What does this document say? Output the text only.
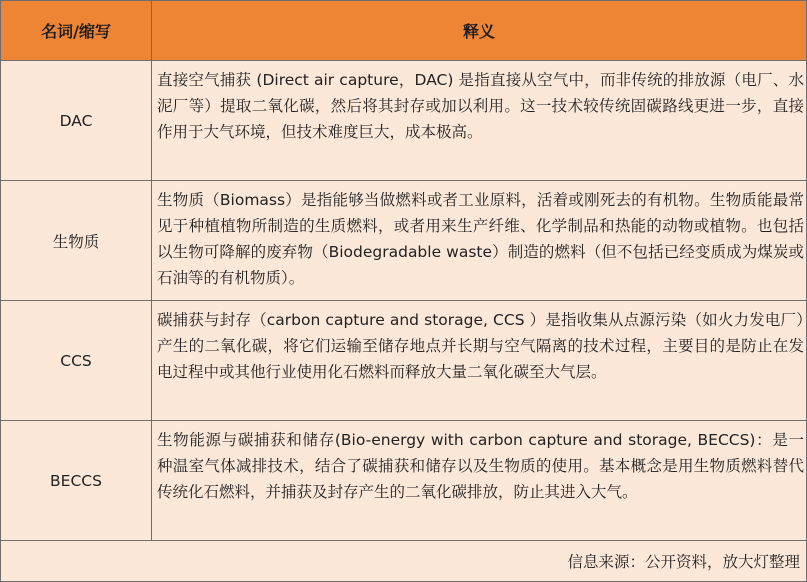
名词/缩写	释义
DAC	直接空气捕获 (Direct air capture，DAC) 是指直接从空气中，而非传统的排放源（电厂、水泥厂等）提取二氧化碳，然后将其封存或加以利用。这一技术较传统固碳路线更进一步，直接作用于大气环境，但技术难度巨大，成本极高。
生物质	生物质（Biomass）是指能够当做燃料或者工业原料，活着或刚死去的有机物。生物质能最常见于种植植物所制造的生质燃料，或者用来生产纤维、化学制品和热能的动物或植物。也包括以生物可降解的废弃物（Biodegradable waste）制造的燃料（但不包括已经变质成为煤炭或石油等的有机物质）。
CCS	碳捕获与封存（carbon capture and storage, CCS ）是指收集从点源污染（如火力发电厂）产生的二氧化碳，将它们运输至储存地点并长期与空气隔离的技术过程，主要目的是防止在发电过程中或其他行业使用化石燃料而释放大量二氧化碳至大气层。
BECCS	生物能源与碳捕获和储存(Bio-energy with carbon capture and storage, BECCS)：是一种温室气体减排技术，结合了碳捕获和储存以及生物质的使用。基本概念是用生物质燃料替代传统化石燃料，并捕获及封存产生的二氧化碳排放，防止其进入大气。
信息来源：公开资料，放大灯整理	
